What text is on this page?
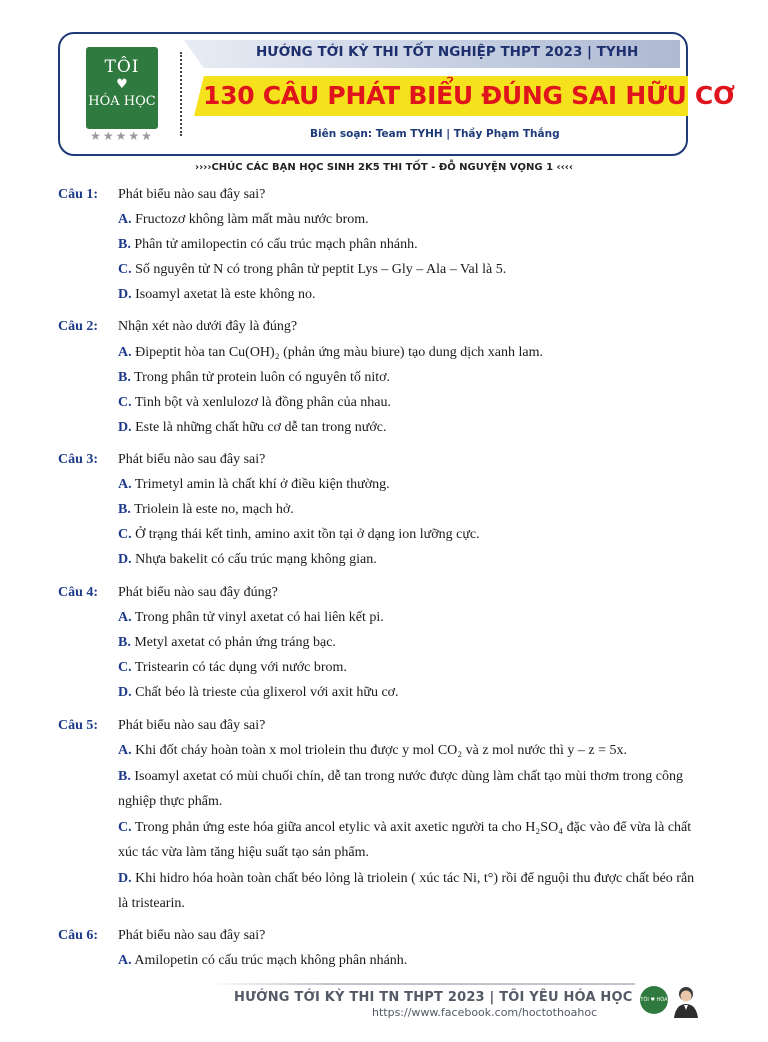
TÔI
♥
HÓA HỌC
★★★★★
HƯỚNG TỚI KỲ THI TỐT NGHIỆP THPT 2023 | TYHH
130 CÂU PHÁT BIỂU ĐÚNG SAI HỮU CƠ
Biên soạn: Team TYHH | Thầy Phạm Thắng
››››CHÚC CÁC BẠN HỌC SINH 2K5 THI TỐT - ĐỖ NGUYỆN VỌNG 1 ‹‹‹‹
Câu 1: Phát biểu nào sau đây sai?
A. Fructozơ không làm mất màu nước brom.
B. Phân tử amilopectin có cấu trúc mạch phân nhánh.
C. Số nguyên tử N có trong phân tử peptit Lys – Gly – Ala – Val là 5.
D. Isoamyl axetat là este không no.
Câu 2: Nhận xét nào dưới đây là đúng?
A. Đipeptit hòa tan Cu(OH)₂ (phản ứng màu biure) tạo dung dịch xanh lam.
B. Trong phân tử protein luôn có nguyên tố nitơ.
C. Tinh bột và xenlulozơ là đồng phân của nhau.
D. Este là những chất hữu cơ dễ tan trong nước.
Câu 3: Phát biểu nào sau đây sai?
A. Trimetyl amin là chất khí ở điều kiện thường.
B. Triolein là este no, mạch hở.
C. Ở trạng thái kết tinh, amino axit tồn tại ở dạng ion lưỡng cực.
D. Nhựa bakelit có cấu trúc mạng không gian.
Câu 4: Phát biểu nào sau đây đúng?
A. Trong phân tử vinyl axetat có hai liên kết pi.
B. Metyl axetat có phản ứng tráng bạc.
C. Tristearin có tác dụng với nước brom.
D. Chất béo là trieste của glixerol với axit hữu cơ.
Câu 5: Phát biểu nào sau đây sai?
A. Khi đốt cháy hoàn toàn x mol triolein thu được y mol CO₂ và z mol nước thì y – z = 5x.
B. Isoamyl axetat có mùi chuối chín, dễ tan trong nước được dùng làm chất tạo mùi thơm trong công nghiệp thực phẩm.
C. Trong phản ứng este hóa giữa ancol etylic và axit axetic người ta cho H₂SO₄ đặc vào để vừa là chất xúc tác vừa làm tăng hiệu suất tạo sản phẩm.
D. Khi hidro hóa hoàn toàn chất béo lỏng là triolein ( xúc tác Ni, t°) rồi để nguội thu được chất béo rắn là tristearin.
Câu 6: Phát biểu nào sau đây sai?
A. Amilopetin có cấu trúc mạch không phân nhánh.
HƯỚNG TỚI KỲ THI TN THPT 2023 | TÔI YÊU HÓA HỌC
https://www.facebook.com/hoctothoahoc
TÔI ♥ HÓA HỌC
